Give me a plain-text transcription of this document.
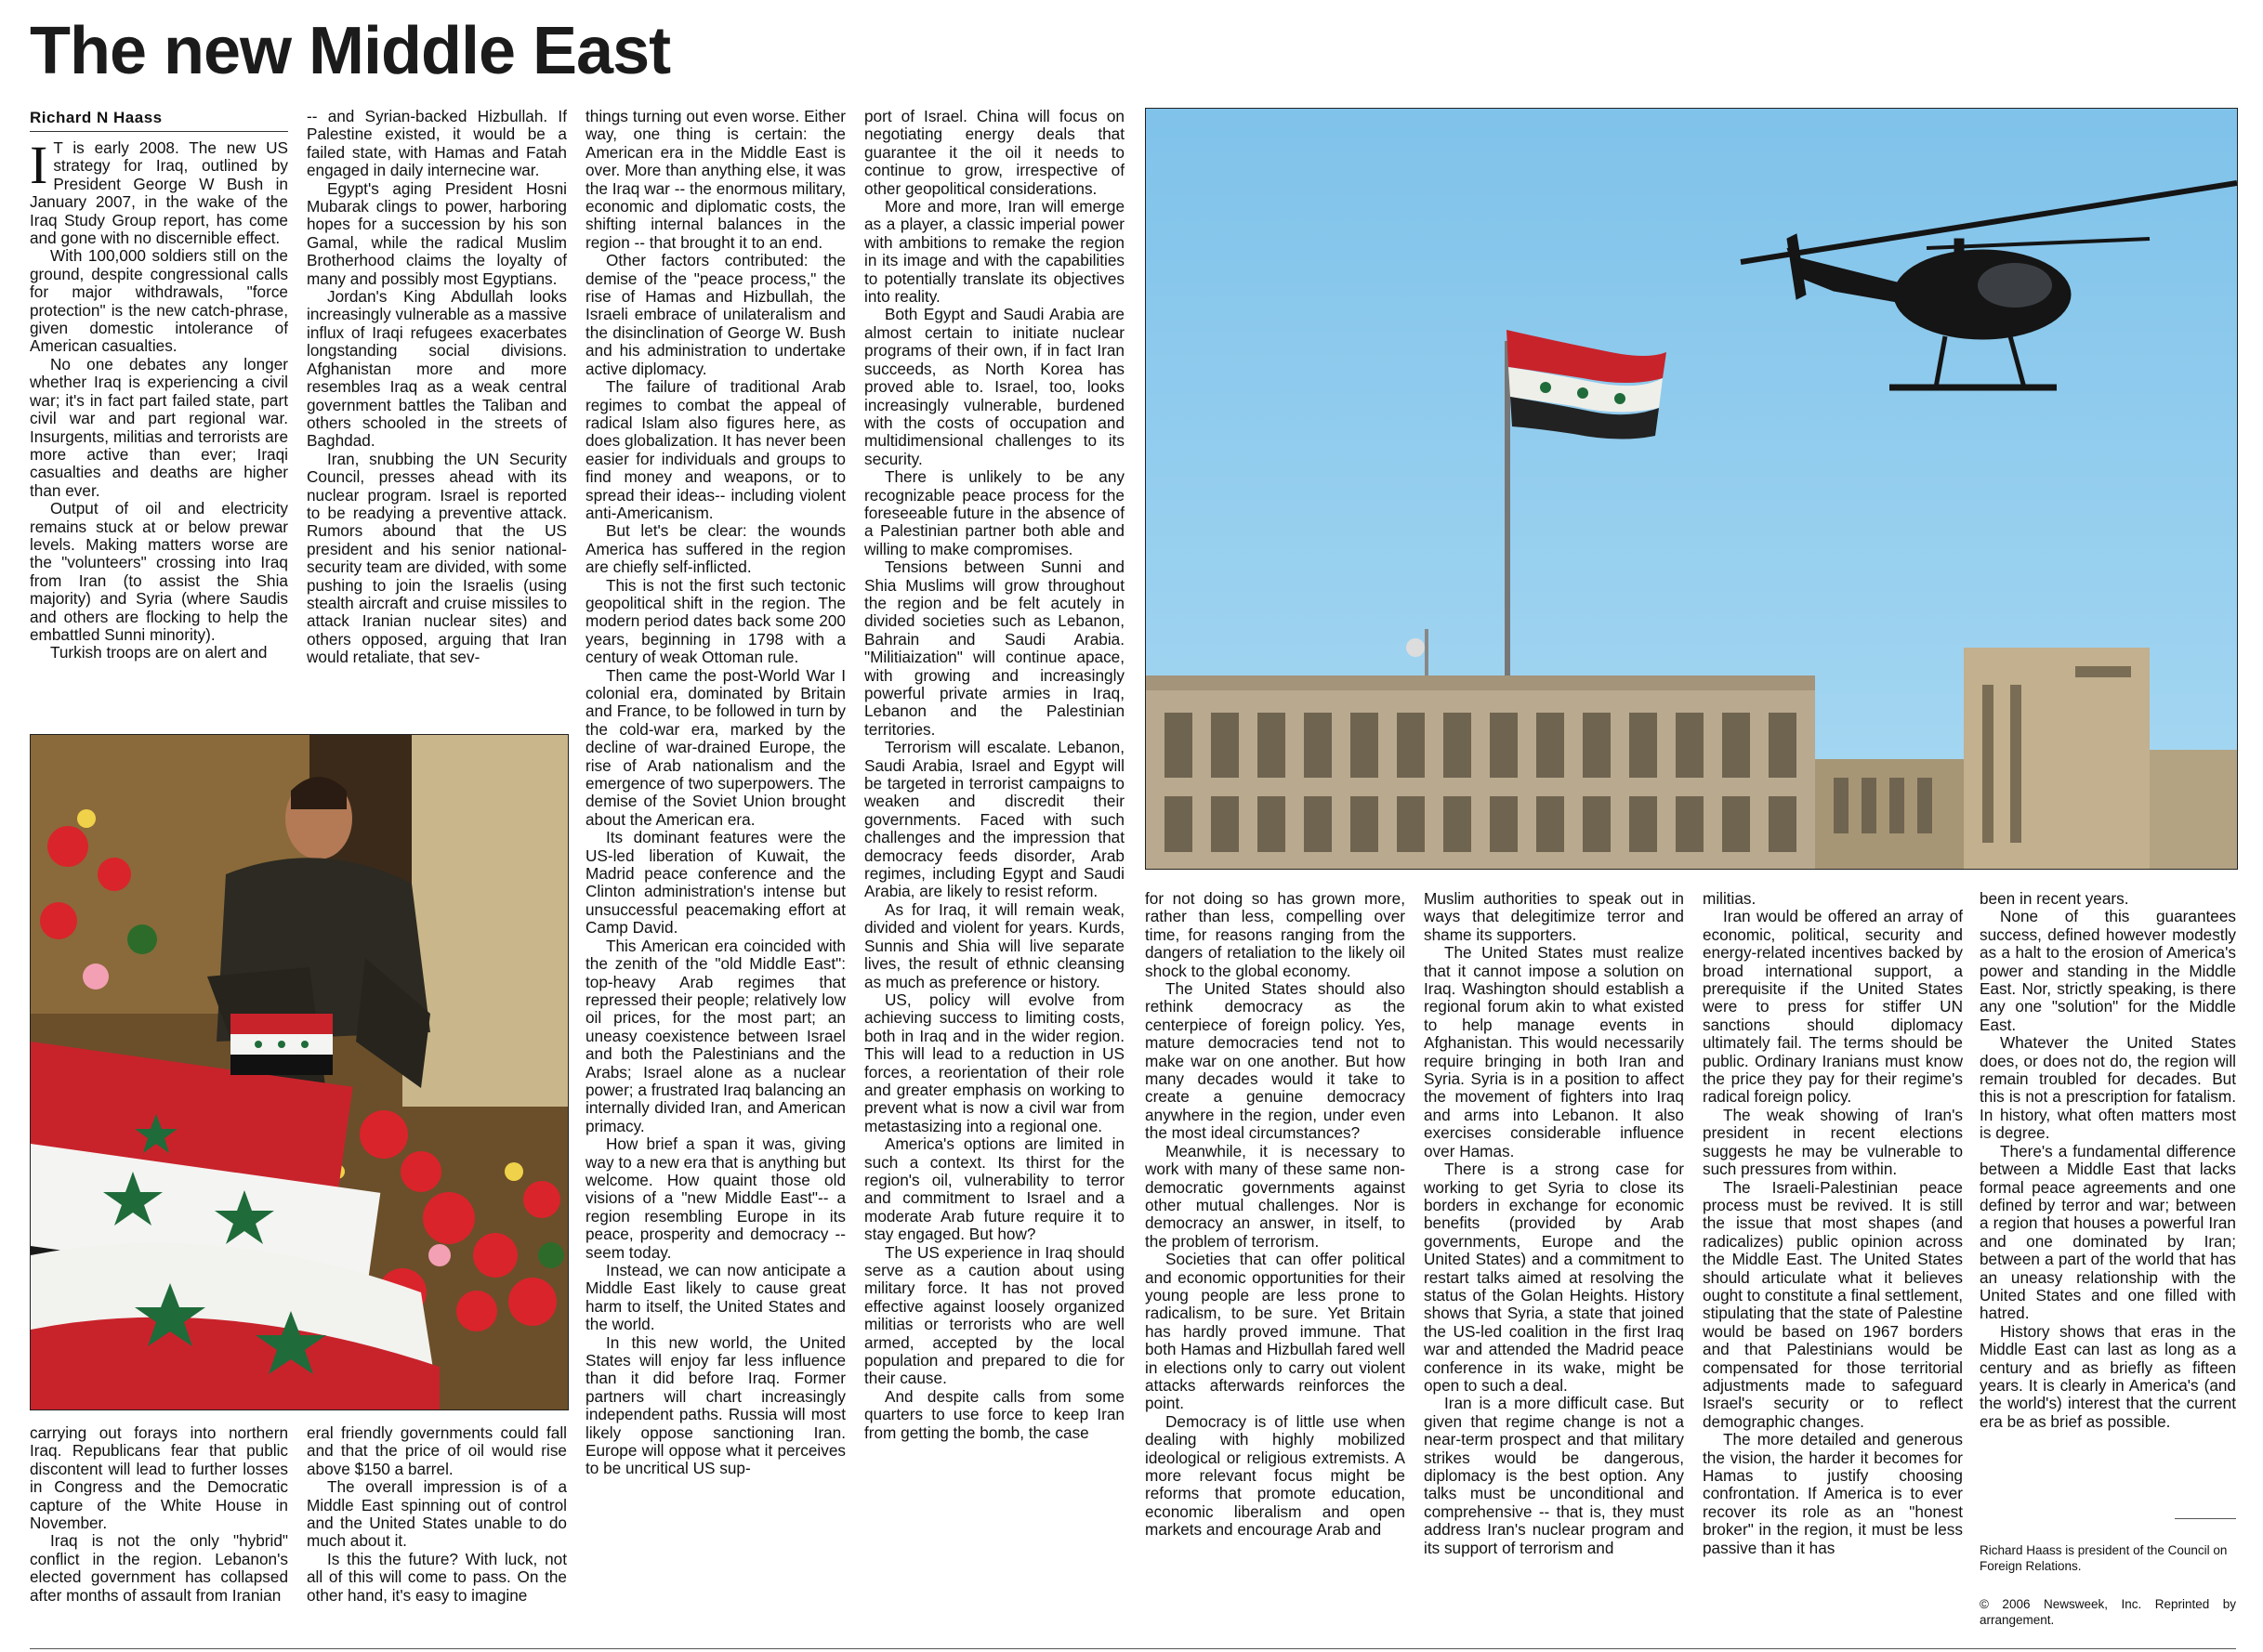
The new Middle East
Richard N Haass

I T is early 2008. The new US strategy for Iraq, outlined by President George W Bush in January 2007, in the wake of the Iraq Study Group report, has come and gone with no discernible effect.

With 100,000 soldiers still on the ground, despite congressional calls for major withdrawals, "force protection" is the new catch-phrase, given domestic intolerance of American casualties.

No one debates any longer whether Iraq is experiencing a civil war; it's in fact part failed state, part civil war and part regional war. Insurgents, militias and terrorists are more active than ever; Iraqi casualties and deaths are higher than ever.

Output of oil and electricity remains stuck at or below prewar levels. Making matters worse are the "volunteers" crossing into Iraq from Iran (to assist the Shia majority) and Syria (where Saudis and others are flocking to help the embattled Sunni minority).

Turkish troops are on alert and

-- and Syrian-backed Hizbullah. If Palestine existed, it would be a failed state, with Hamas and Fatah engaged in daily internecine war.

Egypt's aging President Hosni Mubarak clings to power, harboring hopes for a succession by his son Gamal, while the radical Muslim Brotherhood claims the loyalty of many and possibly most Egyptians.

Jordan's King Abdullah looks increasingly vulnerable as a massive influx of Iraqi refugees exacerbates longstanding social divisions. Afghanistan more and more resembles Iraq as a weak central government battles the Taliban and others schooled in the streets of Baghdad.

Iran, snubbing the UN Security Council, presses ahead with its nuclear program. Israel is reported to be readying a preventive attack. Rumors abound that the US president and his senior national-security team are divided, with some pushing to join the Israelis (using stealth aircraft and cruise missiles to attack Iranian nuclear sites) and others opposed, arguing that Iran would retaliate, that sev-

carrying out forays into northern Iraq. Republicans fear that public discontent will lead to further losses in Congress and the Democratic capture of the White House in November.

Iraq is not the only "hybrid" conflict in the region. Lebanon's elected government has collapsed after months of assault from Iranian

eral friendly governments could fall and that the price of oil would rise above $150 a barrel.

The overall impression is of a Middle East spinning out of control and the United States unable to do much about it.

Is this the future? With luck, not all of this will come to pass. On the other hand, it's easy to imagine

things turning out even worse. Either way, one thing is certain: the American era in the Middle East is over. More than anything else, it was the Iraq war -- the enormous military, economic and diplomatic costs, the shifting internal balances in the region -- that brought it to an end.

Other factors contributed: the demise of the "peace process," the rise of Hamas and Hizbullah, the Israeli embrace of unilateralism and the disinclination of George W. Bush and his administration to undertake active diplomacy.

The failure of traditional Arab regimes to combat the appeal of radical Islam also figures here, as does globalization. It has never been easier for individuals and groups to find money and weapons, or to spread their ideas-- including violent anti-Americanism.

But let's be clear: the wounds America has suffered in the region are chiefly self-inflicted.

This is not the first such tectonic geopolitical shift in the region. The modern period dates back some 200 years, beginning in 1798 with a century of weak Ottoman rule.

Then came the post-World War I colonial era, dominated by Britain and France, to be followed in turn by the cold-war era, marked by the decline of war-drained Europe, the rise of Arab nationalism and the emergence of two superpowers. The demise of the Soviet Union brought about the American era.

Its dominant features were the US-led liberation of Kuwait, the Madrid peace conference and the Clinton administration's intense but unsuccessful peacemaking effort at Camp David.

This American era coincided with the zenith of the "old Middle East": top-heavy Arab regimes that repressed their people; relatively low oil prices, for the most part; an uneasy coexistence between Israel and both the Palestinians and the Arabs; Israel alone as a nuclear power; a frustrated Iraq balancing an internally divided Iran, and American primacy.

How brief a span it was, giving way to a new era that is anything but welcome. How quaint those old visions of a "new Middle East"-- a region resembling Europe in its peace, prosperity and democracy -- seem today.

Instead, we can now anticipate a Middle East likely to cause great harm to itself, the United States and the world.

In this new world, the United States will enjoy far less influence than it did before Iraq. Former partners will chart increasingly independent paths. Russia will most likely oppose sanctioning Iran. Europe will oppose what it perceives to be uncritical US sup-

port of Israel. China will focus on negotiating energy deals that guarantee it the oil it needs to continue to grow, irrespective of other geopolitical considerations.

More and more, Iran will emerge as a player, a classic imperial power with ambitions to remake the region in its image and with the capabilities to potentially translate its objectives into reality.

Both Egypt and Saudi Arabia are almost certain to initiate nuclear programs of their own, if in fact Iran succeeds, as North Korea has proved able to. Israel, too, looks increasingly vulnerable, burdened with the costs of occupation and multidimensional challenges to its security.

There is unlikely to be any recognizable peace process for the foreseeable future in the absence of a Palestinian partner both able and willing to make compromises.

Tensions between Sunni and Shia Muslims will grow throughout the region and be felt acutely in divided societies such as Lebanon, Bahrain and Saudi Arabia. "Militiaization" will continue apace, with growing and increasingly powerful private armies in Iraq, Lebanon and the Palestinian territories.

Terrorism will escalate. Lebanon, Saudi Arabia, Israel and Egypt will be targeted in terrorist campaigns to weaken and discredit their governments. Faced with such challenges and the impression that democracy feeds disorder, Arab regimes, including Egypt and Saudi Arabia, are likely to resist reform.

As for Iraq, it will remain weak, divided and violent for years. Kurds, Sunnis and Shia will live separate lives, the result of ethnic cleansing as much as preference or history.

US, policy will evolve from achieving success to limiting costs, both in Iraq and in the wider region. This will lead to a reduction in US forces, a reorientation of their role and greater emphasis on working to prevent what is now a civil war from metastasizing into a regional one.

America's options are limited in such a context. Its thirst for the region's oil, vulnerability to terror and commitment to Israel and a moderate Arab future require it to stay engaged. But how?

The US experience in Iraq should serve as a caution about using military force. It has not proved effective against loosely organized militias or terrorists who are well armed, accepted by the local population and prepared to die for their cause.

And despite calls from some quarters to use force to keep Iran from getting the bomb, the case

for not doing so has grown more, rather than less, compelling over time, for reasons ranging from the dangers of retaliation to the likely oil shock to the global economy.

The United States should also rethink democracy as the centerpiece of foreign policy. Yes, mature democracies tend not to make war on one another. But how many decades would it take to create a genuine democracy anywhere in the region, under even the most ideal circumstances?

Meanwhile, it is necessary to work with many of these same non-democratic governments against other mutual challenges. Nor is democracy an answer, in itself, to the problem of terrorism.

Societies that can offer political and economic opportunities for their young people are less prone to radicalism, to be sure. Yet Britain has hardly proved immune. That both Hamas and Hizbullah fared well in elections only to carry out violent attacks afterwards reinforces the point.

Democracy is of little use when dealing with highly mobilized ideological or religious extremists. A more relevant focus might be reforms that promote education, economic liberalism and open markets and encourage Arab and

Muslim authorities to speak out in ways that delegitimize terror and shame its supporters.

The United States must realize that it cannot impose a solution on Iraq. Washington should establish a regional forum akin to what existed to help manage events in Afghanistan. This would necessarily require bringing in both Iran and Syria. Syria is in a position to affect the movement of fighters into Iraq and arms into Lebanon. It also exercises considerable influence over Hamas.

There is a strong case for working to get Syria to close its borders in exchange for economic benefits (provided by Arab governments, Europe and the United States) and a commitment to restart talks aimed at resolving the status of the Golan Heights. History shows that Syria, a state that joined the US-led coalition in the first Iraq war and attended the Madrid peace conference in its wake, might be open to such a deal.

Iran is a more difficult case. But given that regime change is not a near-term prospect and that military strikes would be dangerous, diplomacy is the best option. Any talks must be unconditional and comprehensive -- that is, they must address Iran's nuclear program and its support of terrorism and

militias.

Iran would be offered an array of economic, political, security and energy-related incentives backed by broad international support, a prerequisite if the United States were to press for stiffer UN sanctions should diplomacy ultimately fail. The terms should be public. Ordinary Iranians must know the price they pay for their regime's radical foreign policy.

The weak showing of Iran's president in recent elections suggests he may be vulnerable to such pressures from within.

The Israeli-Palestinian peace process must be revived. It is still the issue that most shapes (and radicalizes) public opinion across the Middle East. The United States should articulate what it believes ought to constitute a final settlement, stipulating that the state of Palestine would be based on 1967 borders and that Palestinians would be compensated for those territorial adjustments made to safeguard Israel's security or to reflect demographic changes.

The more detailed and generous the vision, the harder it becomes for Hamas to justify choosing confrontation. If America is to ever recover its role as an "honest broker" in the region, it must be less passive than it has

been in recent years.

None of this guarantees success, defined however modestly as a halt to the erosion of America's power and standing in the Middle East. Nor, strictly speaking, is there any one "solution" for the Middle East.

Whatever the United States does, or does not do, the region will remain troubled for decades. But this is not a prescription for fatalism. In history, what often matters most is degree.

There's a fundamental difference between a Middle East that lacks formal peace agreements and one defined by terror and war; between a region that houses a powerful Iran and one dominated by Iran; between a part of the world that has an uneasy relationship with the United States and one filled with hatred.

History shows that eras in the Middle East can last as long as a century and as briefly as fifteen years. It is clearly in America's (and the world's) interest that the current era be as brief as possible.

Richard Haass is president of the Council on Foreign Relations.
© 2006 Newsweek, Inc. Reprinted by arrangement.
